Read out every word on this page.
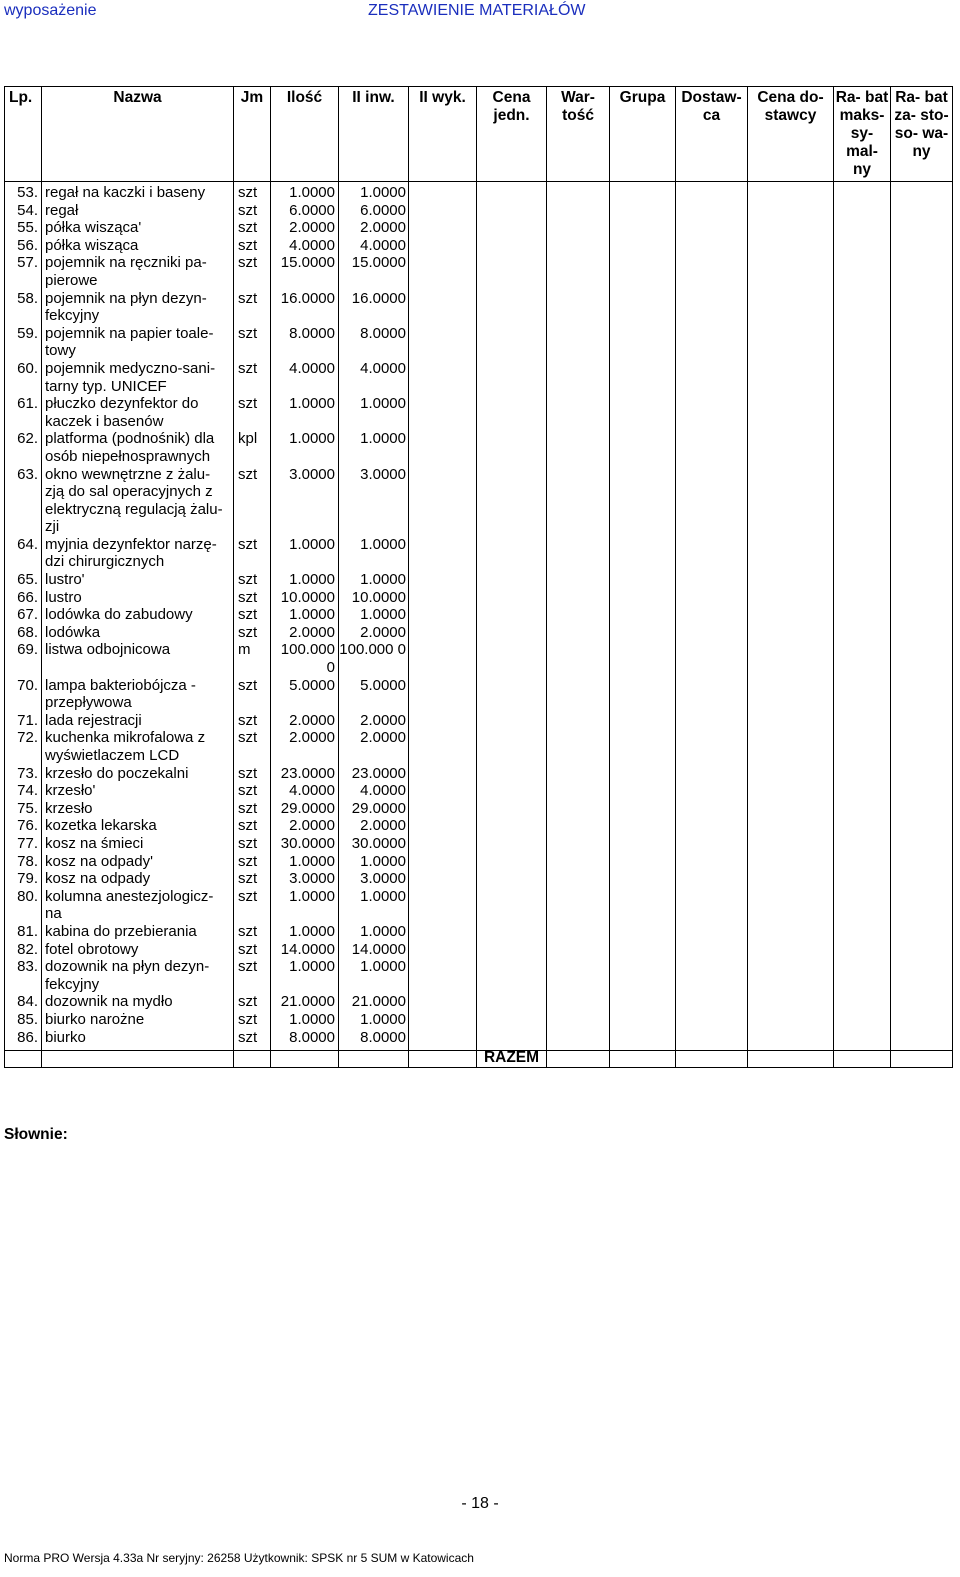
wyposażenie	ZESTAWIENIE MATERIAŁÓW
Lp.	Nazwa	Jm	Ilość	II inw.	II wyk.	Cena jedn.	War- tość	Grupa	Dostaw- ca	Cena do- stawcy	Ra- bat maks- sy- mal- ny	Ra- bat za- sto- so- wa- ny
53.	regał na kaczki i baseny	szt	1.0000	1.0000								
54.	regał	szt	6.0000	6.0000								
55.	półka wisząca'	szt	2.0000	2.0000								
56.	półka wisząca	szt	4.0000	4.0000								
57.	pojemnik na ręczniki pa- pierowe	szt	15.0000	15.0000								
58.	pojemnik na płyn dezyn- fekcyjny	szt	16.0000	16.0000								
59.	pojemnik na papier toale- towy	szt	8.0000	8.0000								
60.	pojemnik medyczno-sani- tarny typ. UNICEF	szt	4.0000	4.0000								
61.	płuczko dezynfektor do kaczek i basenów	szt	1.0000	1.0000								
62.	platforma (podnośnik) dla osób niepełnosprawnych	kpl	1.0000	1.0000								
63.	okno wewnętrzne z żalu- zją do sal operacyjnych z elektryczną regulacją żalu- zji	szt	3.0000	3.0000								
64.	myjnia dezynfektor narzę- dzi chirurgicznych	szt	1.0000	1.0000								
65.	lustro'	szt	1.0000	1.0000								
66.	lustro	szt	10.0000	10.0000								
67.	lodówka do zabudowy	szt	1.0000	1.0000								
68.	lodówka	szt	2.0000	2.0000								
69.	listwa odbojnicowa	m	100.000 0	100.000 0								
70.	lampa bakteriobójcza - przepływowa	szt	5.0000	5.0000								
71.	lada rejestracji	szt	2.0000	2.0000								
72.	kuchenka mikrofalowa z wyświetlaczem LCD	szt	2.0000	2.0000								
73.	krzesło do poczekalni	szt	23.0000	23.0000								
74.	krzesło'	szt	4.0000	4.0000								
75.	krzesło	szt	29.0000	29.0000								
76.	kozetka lekarska	szt	2.0000	2.0000								
77.	kosz na śmieci	szt	30.0000	30.0000								
78.	kosz na odpady'	szt	1.0000	1.0000								
79.	kosz na odpady	szt	3.0000	3.0000								
80.	kolumna anestezjologicz- na	szt	1.0000	1.0000								
81.	kabina do przebierania	szt	1.0000	1.0000								
82.	fotel obrotowy	szt	14.0000	14.0000								
83.	dozownik na płyn dezyn- fekcyjny	szt	1.0000	1.0000								
84.	dozownik na mydło	szt	21.0000	21.0000								
85.	biurko narożne	szt	1.0000	1.0000								
86.	biurko	szt	8.0000	8.0000								
						RAZEM						
Słownie:
- 18 -
Norma PRO Wersja 4.33a Nr seryjny: 26258 Użytkownik: SPSK nr 5 SUM w Katowicach
